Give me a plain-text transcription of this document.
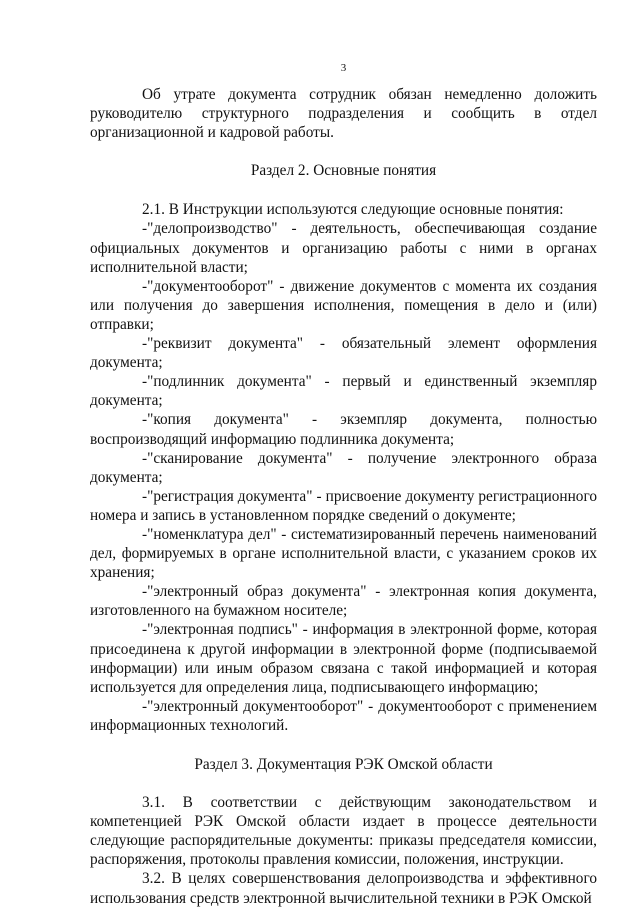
3

Об утрате документа сотрудник обязан немедленно доложить руководителю структурного подразделения и сообщить в отдел организационной и кадровой работы.

Раздел 2. Основные понятия

2.1. В Инструкции используются следующие основные понятия:

-"делопроизводство" - деятельность, обеспечивающая создание официальных документов и организацию работы с ними в органах исполнительной власти;

-"документооборот" - движение документов с момента их создания или получения до завершения исполнения, помещения в дело и (или) отправки;

-"реквизит документа" - обязательный элемент оформления документа;

-"подлинник документа" - первый и единственный экземпляр документа;

-"копия документа" - экземпляр документа, полностью воспроизводящий информацию подлинника документа;

-"сканирование документа" - получение электронного образа документа;

-"регистрация документа" - присвоение документу регистрационного номера и запись в установленном порядке сведений о документе;

-"номенклатура дел" - систематизированный перечень наименований дел, формируемых в органе исполнительной власти, с указанием сроков их хранения;

-"электронный образ документа" - электронная копия документа, изготовленного на бумажном носителе;

-"электронная подпись" - информация в электронной форме, которая присоединена к другой информации в электронной форме (подписываемой информации) или иным образом связана с такой информацией и которая используется для определения лица, подписывающего информацию;

-"электронный документооборот" - документооборот с применением информационных технологий.

Раздел 3. Документация РЭК Омской области

3.1. В соответствии с действующим законодательством и компетенцией РЭК Омской области издает в процессе деятельности следующие распорядительные документы: приказы председателя комиссии, распоряжения, протоколы правления комиссии, положения, инструкции.

3.2. В целях совершенствования делопроизводства и эффективного использования средств электронной вычислительной техники в РЭК Омской
